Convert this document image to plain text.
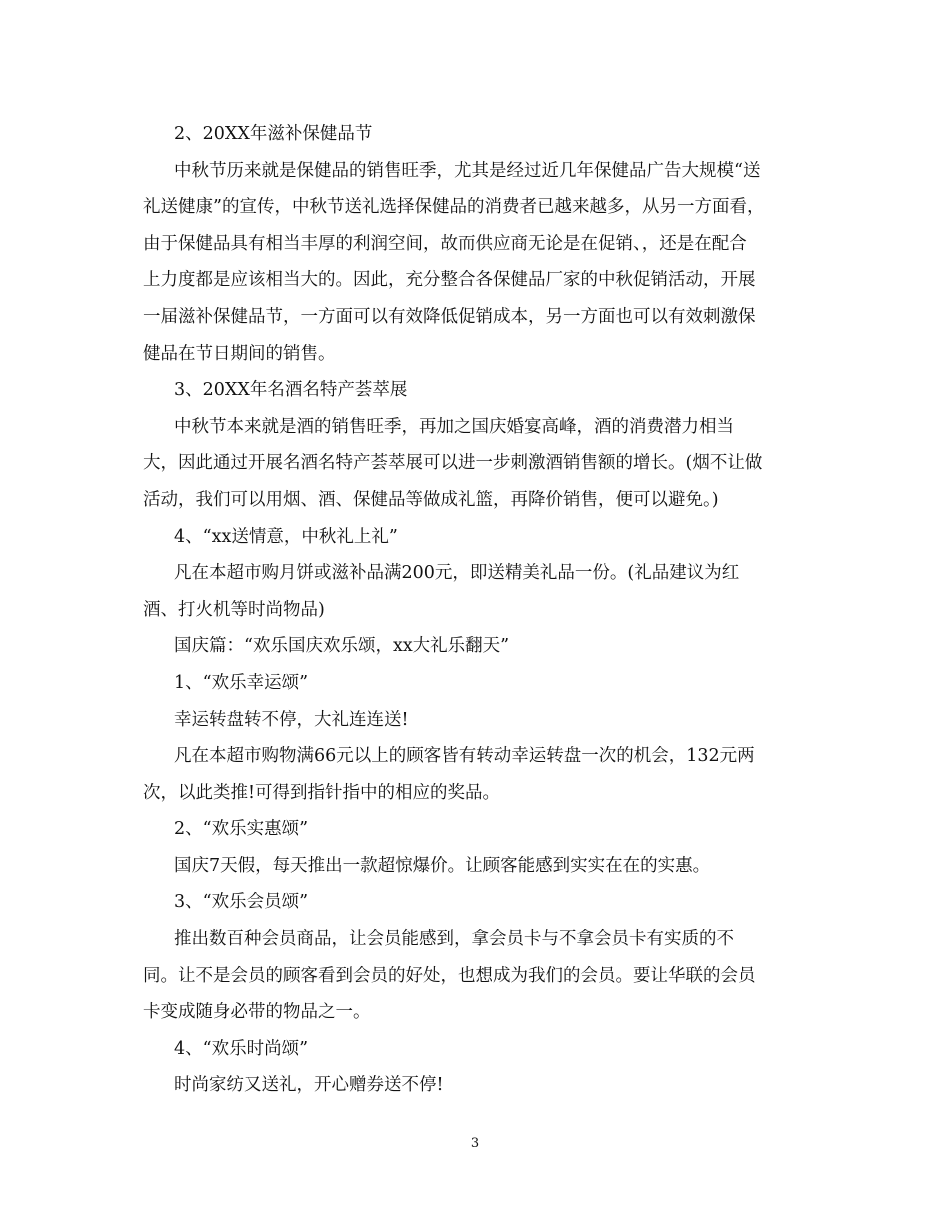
2、20XX年滋补保健品节

中秋节历来就是保健品的销售旺季，尤其是经过近几年保健品广告大规模“送
礼送健康”的宣传，中秋节送礼选择保健品的消费者已越来越多，从另一方面看，
由于保健品具有相当丰厚的利润空间，故而供应商无论是在促销、，还是在配合
上力度都是应该相当大的。因此，充分整合各保健品厂家的中秋促销活动，开展
一届滋补保健品节，一方面可以有效降低促销成本，另一方面也可以有效刺激保
健品在节日期间的销售。

3、20XX年名酒名特产荟萃展

中秋节本来就是酒的销售旺季，再加之国庆婚宴高峰，酒的消费潜力相当
大，因此通过开展名酒名特产荟萃展可以进一步刺激酒销售额的增长。(烟不让做
活动，我们可以用烟、酒、保健品等做成礼篮，再降价销售，便可以避免。)

4、“xx送情意，中秋礼上礼”

凡在本超市购月饼或滋补品满200元，即送精美礼品一份。(礼品建议为红
酒、打火机等时尚物品)

国庆篇：“欢乐国庆欢乐颂，xx大礼乐翻天”

1、“欢乐幸运颂”

幸运转盘转不停，大礼连连送!

凡在本超市购物满66元以上的顾客皆有转动幸运转盘一次的机会，132元两
次，以此类推!可得到指针指中的相应的奖品。

2、“欢乐实惠颂”

国庆7天假，每天推出一款超惊爆价。让顾客能感到实实在在的实惠。

3、“欢乐会员颂”

推出数百种会员商品，让会员能感到，拿会员卡与不拿会员卡有实质的不
同。让不是会员的顾客看到会员的好处，也想成为我们的会员。要让华联的会员
卡变成随身必带的物品之一。

4、“欢乐时尚颂”

时尚家纺又送礼，开心赠券送不停!

3
